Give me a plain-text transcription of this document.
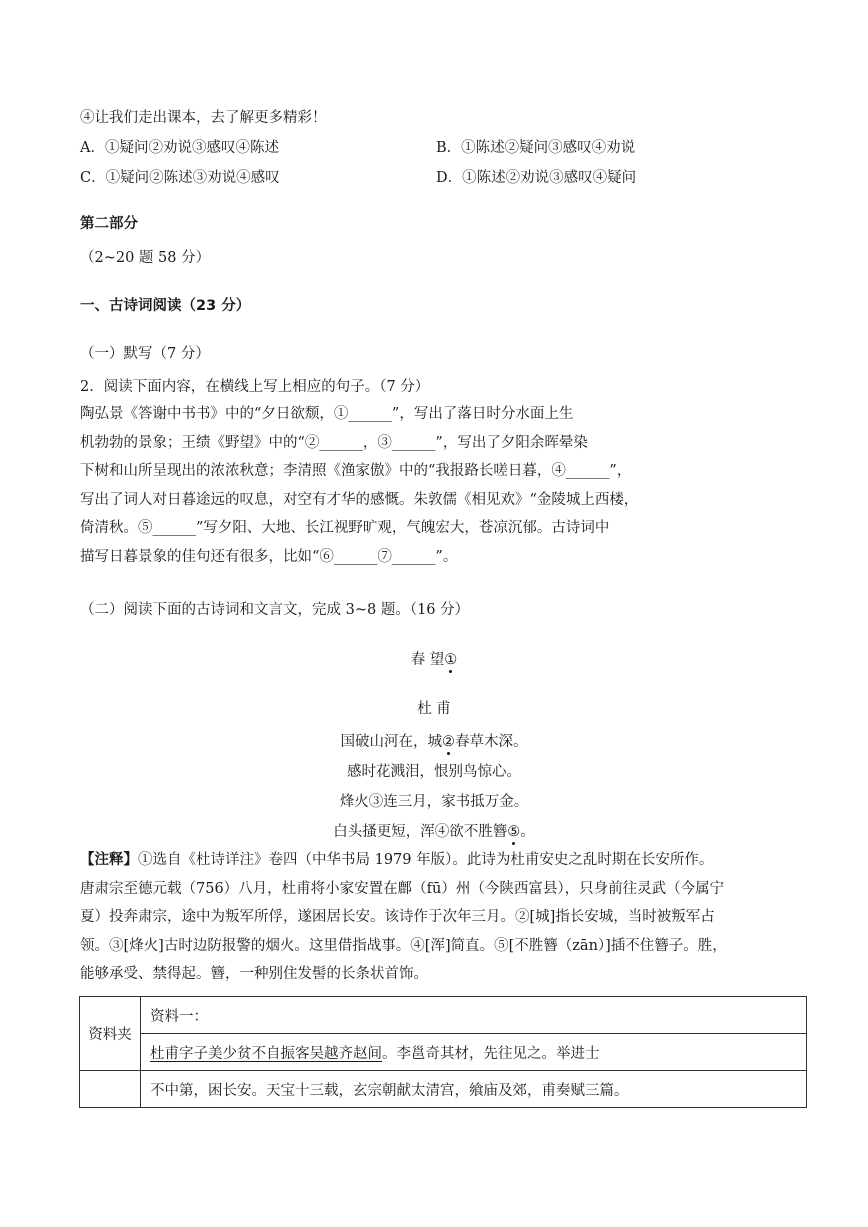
④让我们走出课本，去了解更多精彩！
A．①疑问②劝说③感叹④陈述	B．①陈述②疑问③感叹④劝说
C．①疑问②陈述③劝说④感叹	D．①陈述②劝说③感叹④疑问
第二部分
（2~20 题 58 分）
一、古诗词阅读（23 分）
（一）默写（7 分）
2．阅读下面内容，在横线上写上相应的句子。（7 分）
陶弘景《答谢中书书》中的“夕日欲颓，①______”，写出了落日时分水面上生
机勃勃的景象；王绩《野望》中的“②______，③______”，写出了夕阳余晖晕染
下树和山所呈现出的浓浓秋意；李清照《渔家傲》中的“我报路长嗟日暮，④______”，
写出了词人对日暮途远的叹息，对空有才华的感慨。朱敦儒《相见欢》“金陵城上西楼，
倚清秋。⑤______”写夕阳、大地、长江视野旷观，气魄宏大，苍凉沉郁。古诗词中
描写日暮景象的佳句还有很多，比如“⑥______⑦______”。
（二）阅读下面的古诗词和文言文，完成 3~8 题。（16 分）
春 望①
杜 甫
国破山河在，城②春草木深。
感时花溅泪，恨别鸟惊心。
烽火③连三月，家书抵万金。
白头搔更短，浑④欲不胜簪⑤。
【注释】①选自《杜诗详注》卷四（中华书局 1979 年版）。此诗为杜甫安史之乱时期在长安所作。
唐肃宗至德元载（756）八月，杜甫将小家安置在鄜（fū）州（今陕西富县），只身前往灵武（今属宁
夏）投奔肃宗，途中为叛军所俘，遂困居长安。该诗作于次年三月。②[城]指长安城，当时被叛军占
领。③[烽火]古时边防报警的烟火。这里借指战事。④[浑]简直。⑤[不胜簪（zān）]插不住簪子。胜，
能够承受、禁得起。簪，一种别住发髻的长条状首饰。
资料夹	资料一：
	杜甫字子美少贫不自振客吴越齐赵间。李邕奇其材，先往见之。举进士
	不中第，困长安。天宝十三载，玄宗朝献太清宫，飨庙及郊，甫奏赋三篇。
